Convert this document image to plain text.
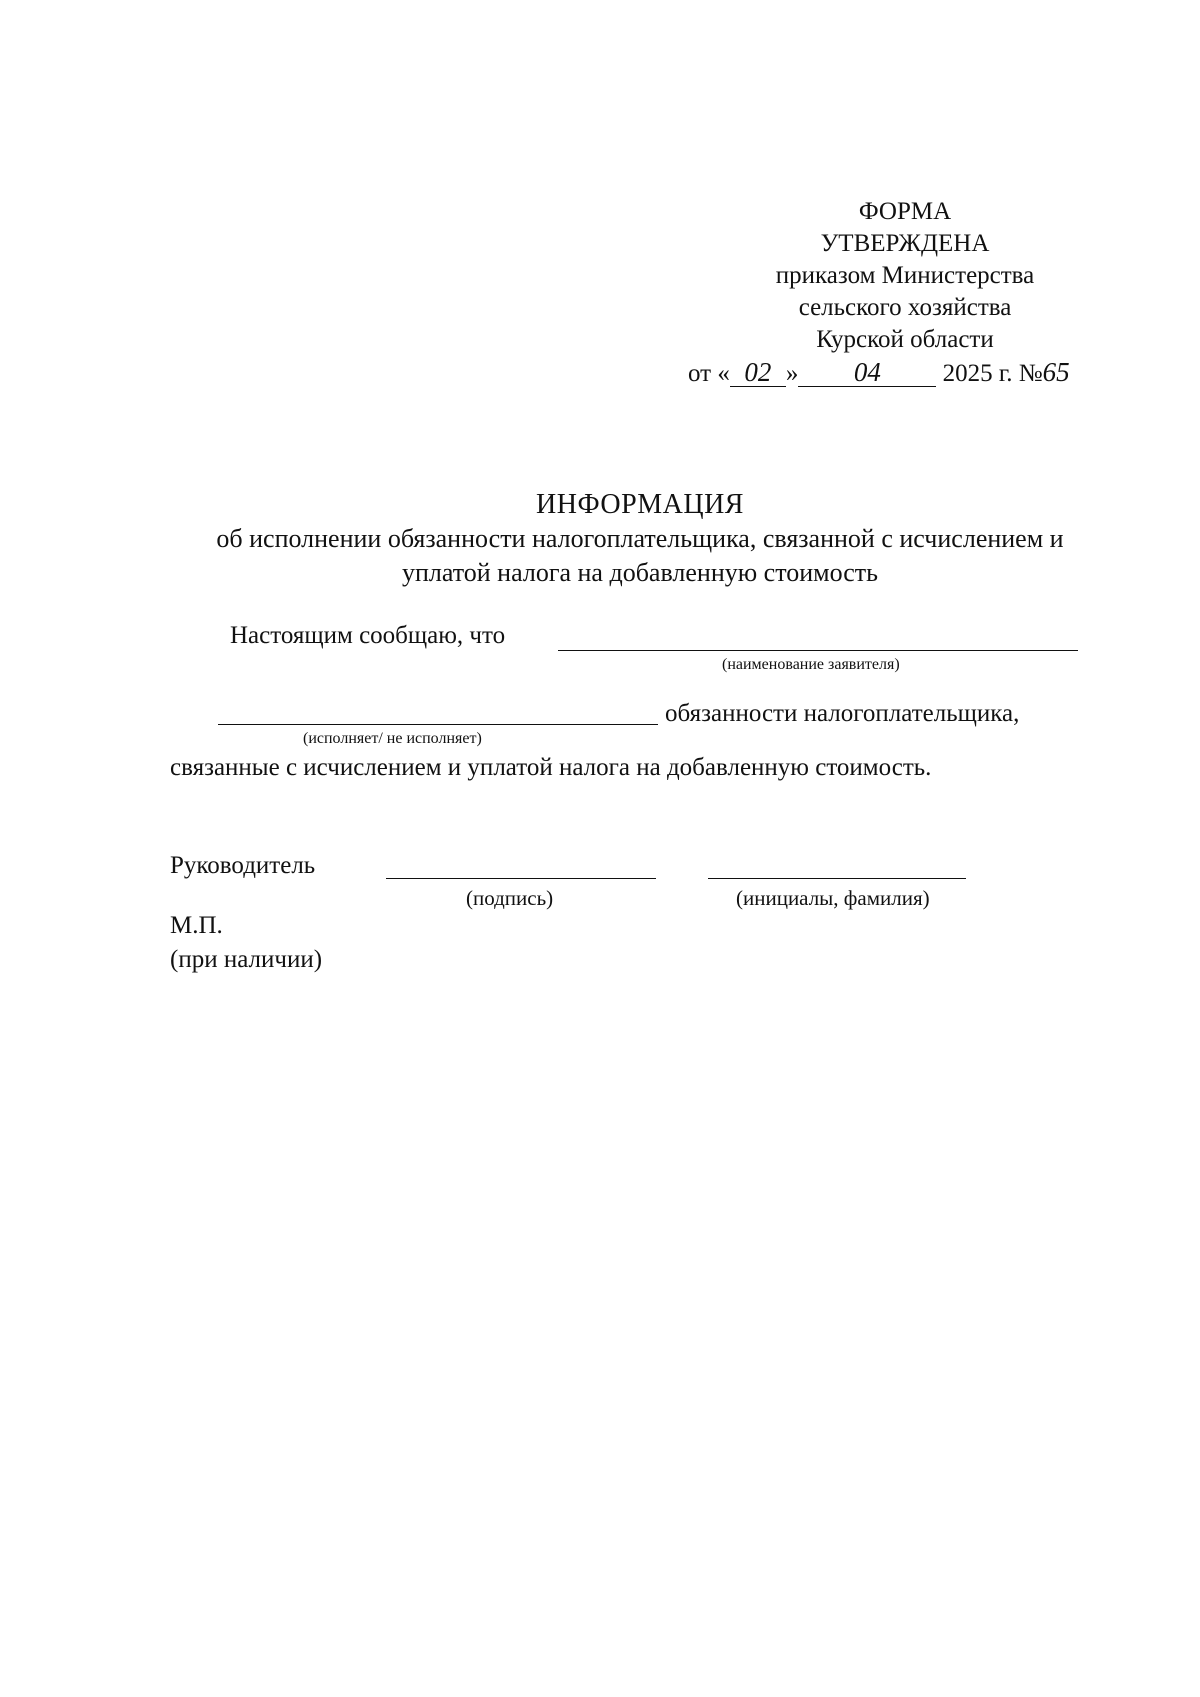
ФОРМА
УТВЕРЖДЕНА
приказом Министерства
сельского хозяйства
Курской области
от « 02 » 04 2025 г. №65
ИНФОРМАЦИЯ
об исполнении обязанности налогоплательщика, связанной с исчислением и
уплатой налога на добавленную стоимость
Настоящим сообщаю, что
(наименование заявителя)
обязанности налогоплательщика,
(исполняет/ не исполняет)
связанные с исчислением и уплатой налога на добавленную стоимость.
Руководитель
(подпись)	(инициалы, фамилия)
М.П.
(при наличии)
